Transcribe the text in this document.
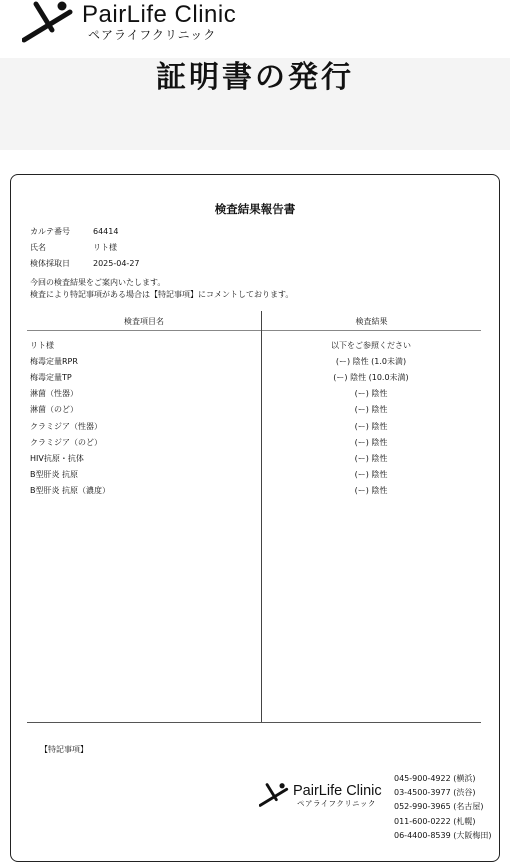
PairLife Clinic
ペアライフクリニック
証明書の発行
検査結果報告書
カルテ番号	64414
氏名	リト様
検体採取日	2025-04-27
今回の検査結果をご案内いたします。
検査により特記事項がある場合は【特記事項】にコメントしております。
検査項目名	検査結果
リト様	以下をご参照ください
梅毒定量RPR	(ー) 陰性 (1.0未満)
梅毒定量TP	(ー) 陰性 (10.0未満)
淋菌（性器）	(ー) 陰性
淋菌（のど）	(ー) 陰性
クラミジア（性器）	(ー) 陰性
クラミジア（のど）	(ー) 陰性
HIV抗原・抗体	(ー) 陰性
B型肝炎 抗原	(ー) 陰性
B型肝炎 抗原（濃度）	(ー) 陰性
【特記事項】
PairLife Clinic
ペアライフクリニック
045-900-4922 (横浜)
03-4500-3977 (渋谷)
052-990-3965 (名古屋)
011-600-0222 (札幌)
06-4400-8539 (大阪梅田)
